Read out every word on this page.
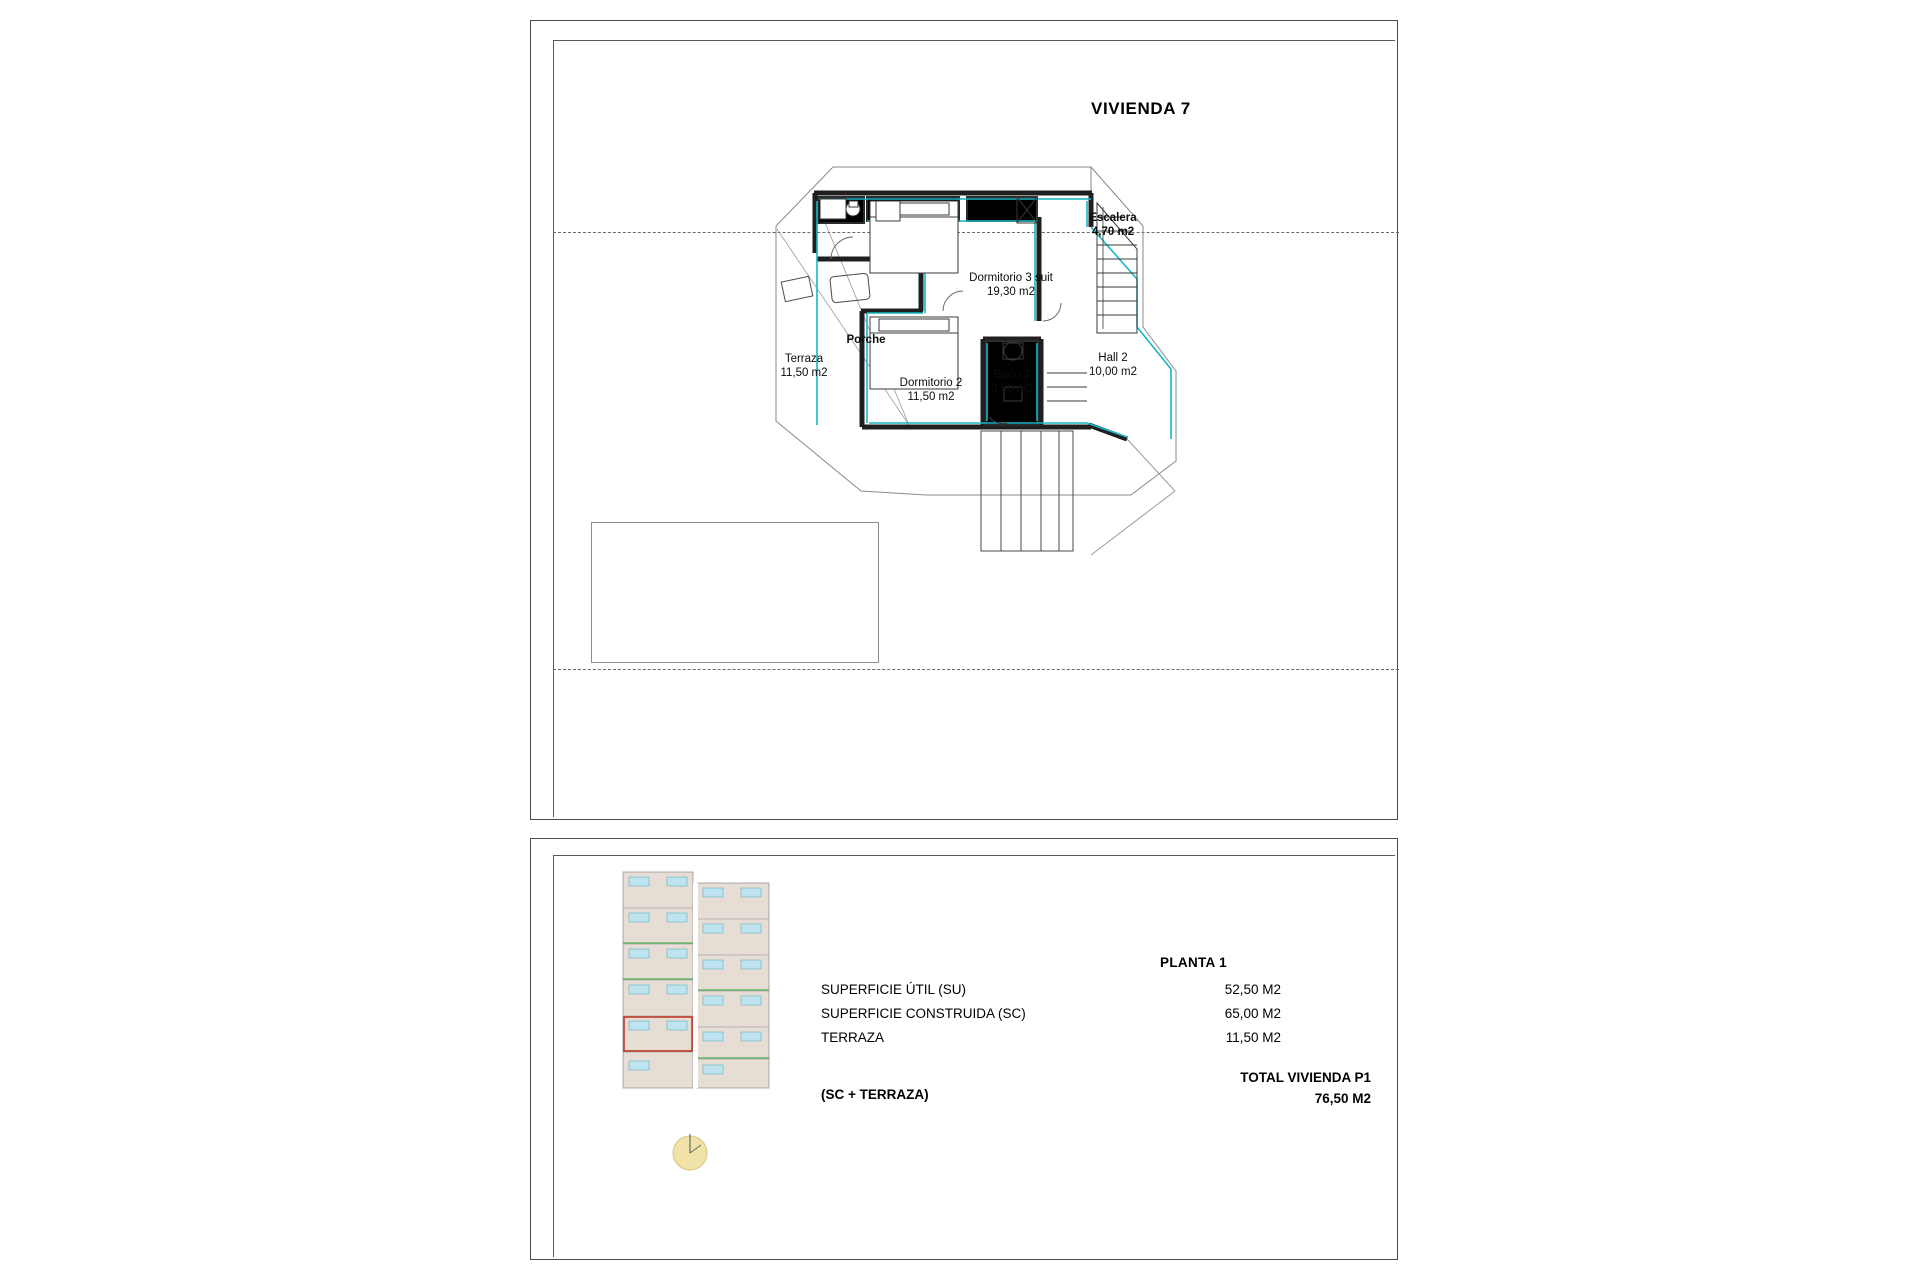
VIVIENDA 7
Escalera
4,70 m2
Dormitorio 3 suit
19,30 m2
Hall 2
10,00 m2
Terraza
11,50 m2
Porche
Dormitorio 2
11,50 m2
Baño 2
3,50 m2
PLANTA 1
SUPERFICIE ÚTIL (SU)	52,50 M2
SUPERFICIE CONSTRUIDA (SC)	65,00 M2
TERRAZA	11,50 M2
(SC + TERRAZA)
TOTAL VIVIENDA P1
76,50 M2
